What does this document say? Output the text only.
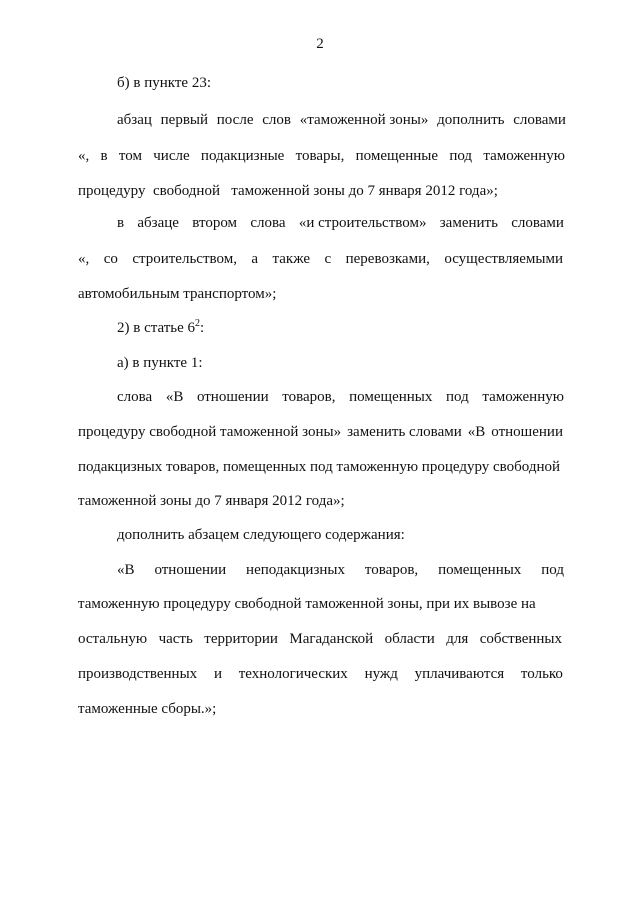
2
б) в пункте 23:
абзац первый после слов «таможенной зоны» дополнить словами
«, в том числе подакцизные товары, помещенные под таможенную
процедуру  свободной   таможенной зоны до 7 января 2012 года»;
в абзаце втором слова «и строительством» заменить словами
«, со строительством, а также с перевозками, осуществляемыми
автомобильным транспортом»;
2) в статье $6^2$:
а) в пункте 1:
слова «В отношении товаров, помещенных под таможенную
процедуру свободной таможенной зоны» заменить словами «В отношении
подакцизных товаров, помещенных под таможенную процедуру свободной
таможенной зоны до 7 января 2012 года»;
дополнить абзацем следующего содержания:
«В отношении неподакцизных товаров, помещенных под
таможенную процедуру свободной таможенной зоны, при их вывозе на
остальную часть территории Магаданской области для собственных
производственных и технологических нужд уплачиваются только
таможенные сборы.»;
